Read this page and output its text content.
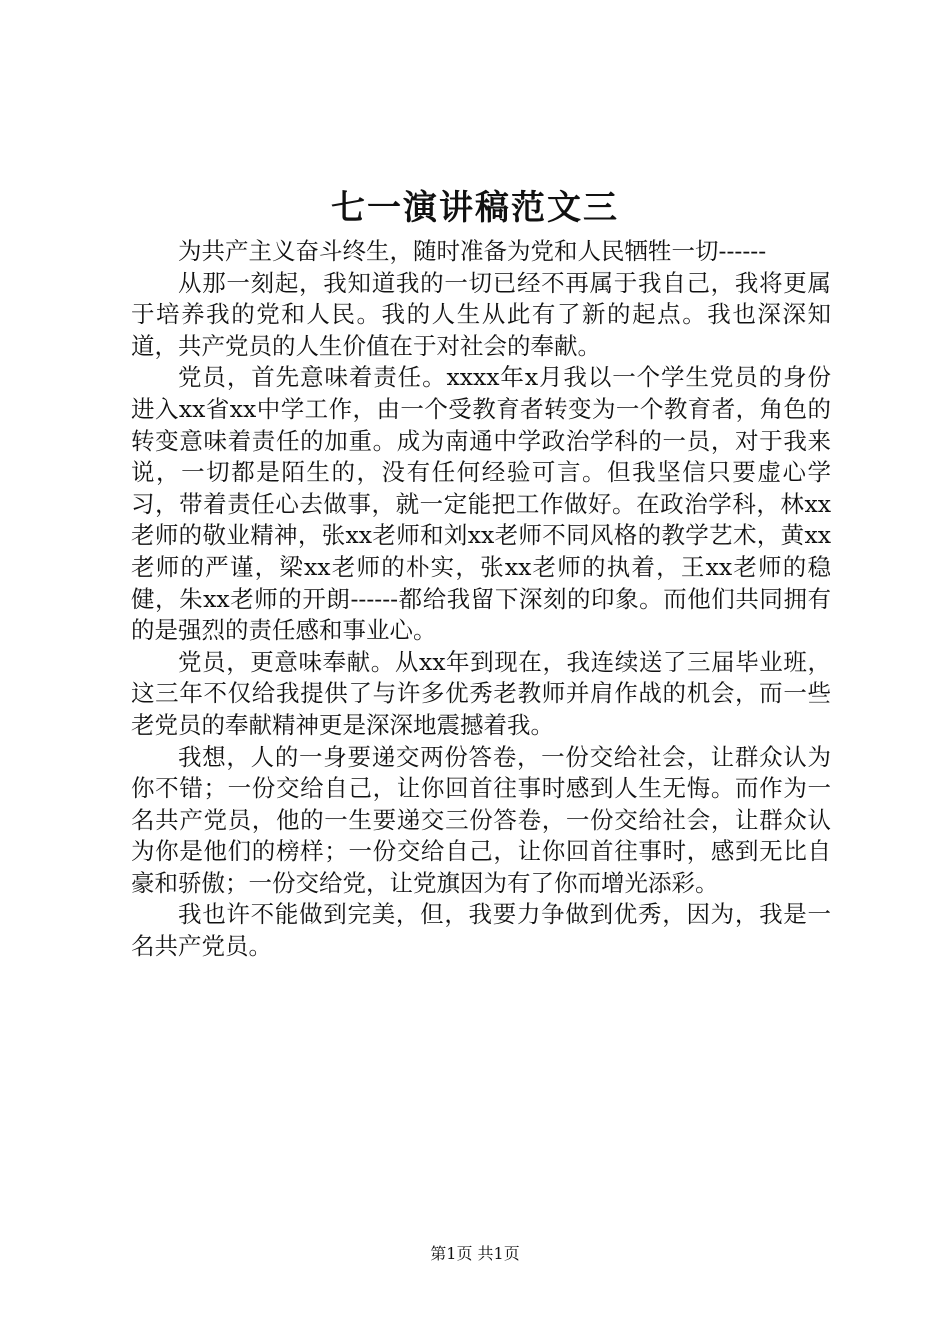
七一演讲稿范文三

为共产主义奋斗终生，随时准备为党和人民牺牲一切------

从那一刻起，我知道我的一切已经不再属于我自己，我将更属于培养我的党和人民。我的人生从此有了新的起点。我也深深知道，共产党员的人生价值在于对社会的奉献。

党员，首先意味着责任。xxxx年x月我以一个学生党员的身份进入xx省xx中学工作，由一个受教育者转变为一个教育者，角色的转变意味着责任的加重。成为南通中学政治学科的一员，对于我来说，一切都是陌生的，没有任何经验可言。但我坚信只要虚心学习，带着责任心去做事，就一定能把工作做好。在政治学科，林xx老师的敬业精神，张xx老师和刘xx老师不同风格的教学艺术，黄xx老师的严谨，梁xx老师的朴实，张xx老师的执着，王xx老师的稳健，朱xx老师的开朗------都给我留下深刻的印象。而他们共同拥有的是强烈的责任感和事业心。

党员，更意味奉献。从xx年到现在，我连续送了三届毕业班，这三年不仅给我提供了与许多优秀老教师并肩作战的机会，而一些老党员的奉献精神更是深深地震撼着我。

我想，人的一身要递交两份答卷，一份交给社会，让群众认为你不错；一份交给自己，让你回首往事时感到人生无悔。而作为一名共产党员，他的一生要递交三份答卷，一份交给社会，让群众认为你是他们的榜样；一份交给自己，让你回首往事时，感到无比自豪和骄傲；一份交给党，让党旗因为有了你而增光添彩。

我也许不能做到完美，但，我要力争做到优秀，因为，我是一名共产党员。

第1页 共1页
